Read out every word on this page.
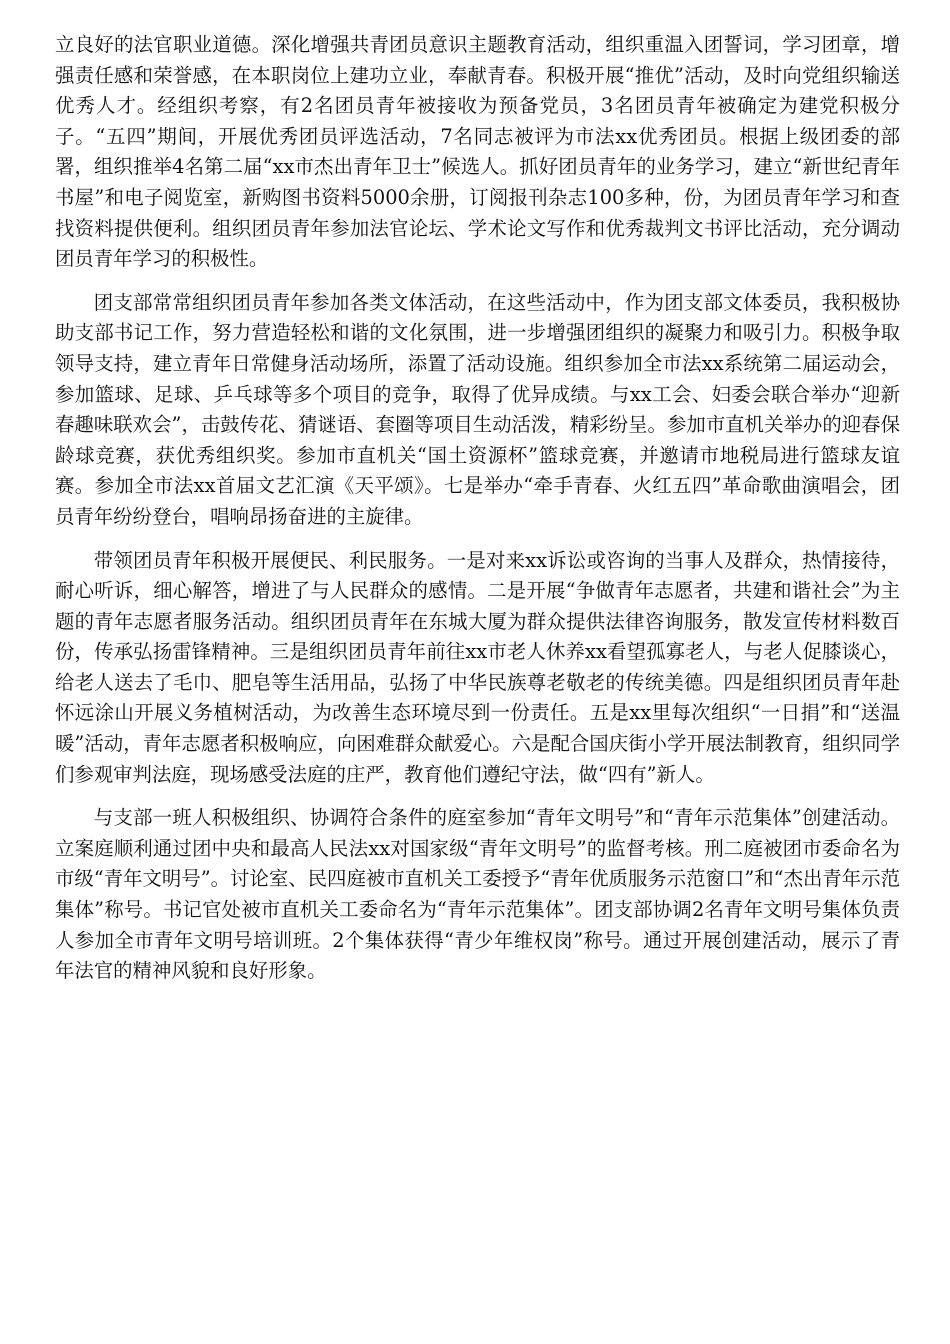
立良好的法官职业道德。深化增强共青团员意识主题教育活动，组织重温入团誓词，学习团章，增强责任感和荣誉感，在本职岗位上建功立业，奉献青春。积极开展“推优”活动，及时向党组织输送优秀人才。经组织考察，有2名团员青年被接收为预备党员，3名团员青年被确定为建党积极分子。“五四”期间，开展优秀团员评选活动，7名同志被评为市法xx优秀团员。根据上级团委的部署，组织推举4名第二届“xx市杰出青年卫士”候选人。抓好团员青年的业务学习，建立“新世纪青年书屋”和电子阅览室，新购图书资料5000余册，订阅报刊杂志100多种，份，为团员青年学习和查找资料提供便利。组织团员青年参加法官论坛、学术论文写作和优秀裁判文书评比活动，充分调动团员青年学习的积极性。

团支部常常组织团员青年参加各类文体活动，在这些活动中，作为团支部文体委员，我积极协助支部书记工作，努力营造轻松和谐的文化氛围，进一步增强团组织的凝聚力和吸引力。积极争取领导支持，建立青年日常健身活动场所，添置了活动设施。组织参加全市法xx系统第二届运动会，参加篮球、足球、乒乓球等多个项目的竞争，取得了优异成绩。与xx工会、妇委会联合举办“迎新春趣味联欢会”，击鼓传花、猜谜语、套圈等项目生动活泼，精彩纷呈。参加市直机关举办的迎春保龄球竞赛，获优秀组织奖。参加市直机关“国土资源杯”篮球竞赛，并邀请市地税局进行篮球友谊赛。参加全市法xx首届文艺汇演《天平颂》。七是举办“牵手青春、火红五四”革命歌曲演唱会，团员青年纷纷登台，唱响昂扬奋进的主旋律。

带领团员青年积极开展便民、利民服务。一是对来xx诉讼或咨询的当事人及群众，热情接待，耐心听诉，细心解答，增进了与人民群众的感情。二是开展“争做青年志愿者，共建和谐社会”为主题的青年志愿者服务活动。组织团员青年在东城大厦为群众提供法律咨询服务，散发宣传材料数百份，传承弘扬雷锋精神。三是组织团员青年前往xx市老人休养xx看望孤寡老人，与老人促膝谈心，给老人送去了毛巾、肥皂等生活用品，弘扬了中华民族尊老敬老的传统美德。四是组织团员青年赴怀远涂山开展义务植树活动，为改善生态环境尽到一份责任。五是xx里每次组织“一日捐”和“送温暖”活动，青年志愿者积极响应，向困难群众献爱心。六是配合国庆街小学开展法制教育，组织同学们参观审判法庭，现场感受法庭的庄严，教育他们遵纪守法，做“四有”新人。

与支部一班人积极组织、协调符合条件的庭室参加“青年文明号”和“青年示范集体”创建活动。立案庭顺利通过团中央和最高人民法xx对国家级“青年文明号”的监督考核。刑二庭被团市委命名为市级“青年文明号”。讨论室、民四庭被市直机关工委授予“青年优质服务示范窗口”和“杰出青年示范集体”称号。书记官处被市直机关工委命名为“青年示范集体”。团支部协调2名青年文明号集体负责人参加全市青年文明号培训班。2个集体获得“青少年维权岗”称号。通过开展创建活动，展示了青年法官的精神风貌和良好形象。
